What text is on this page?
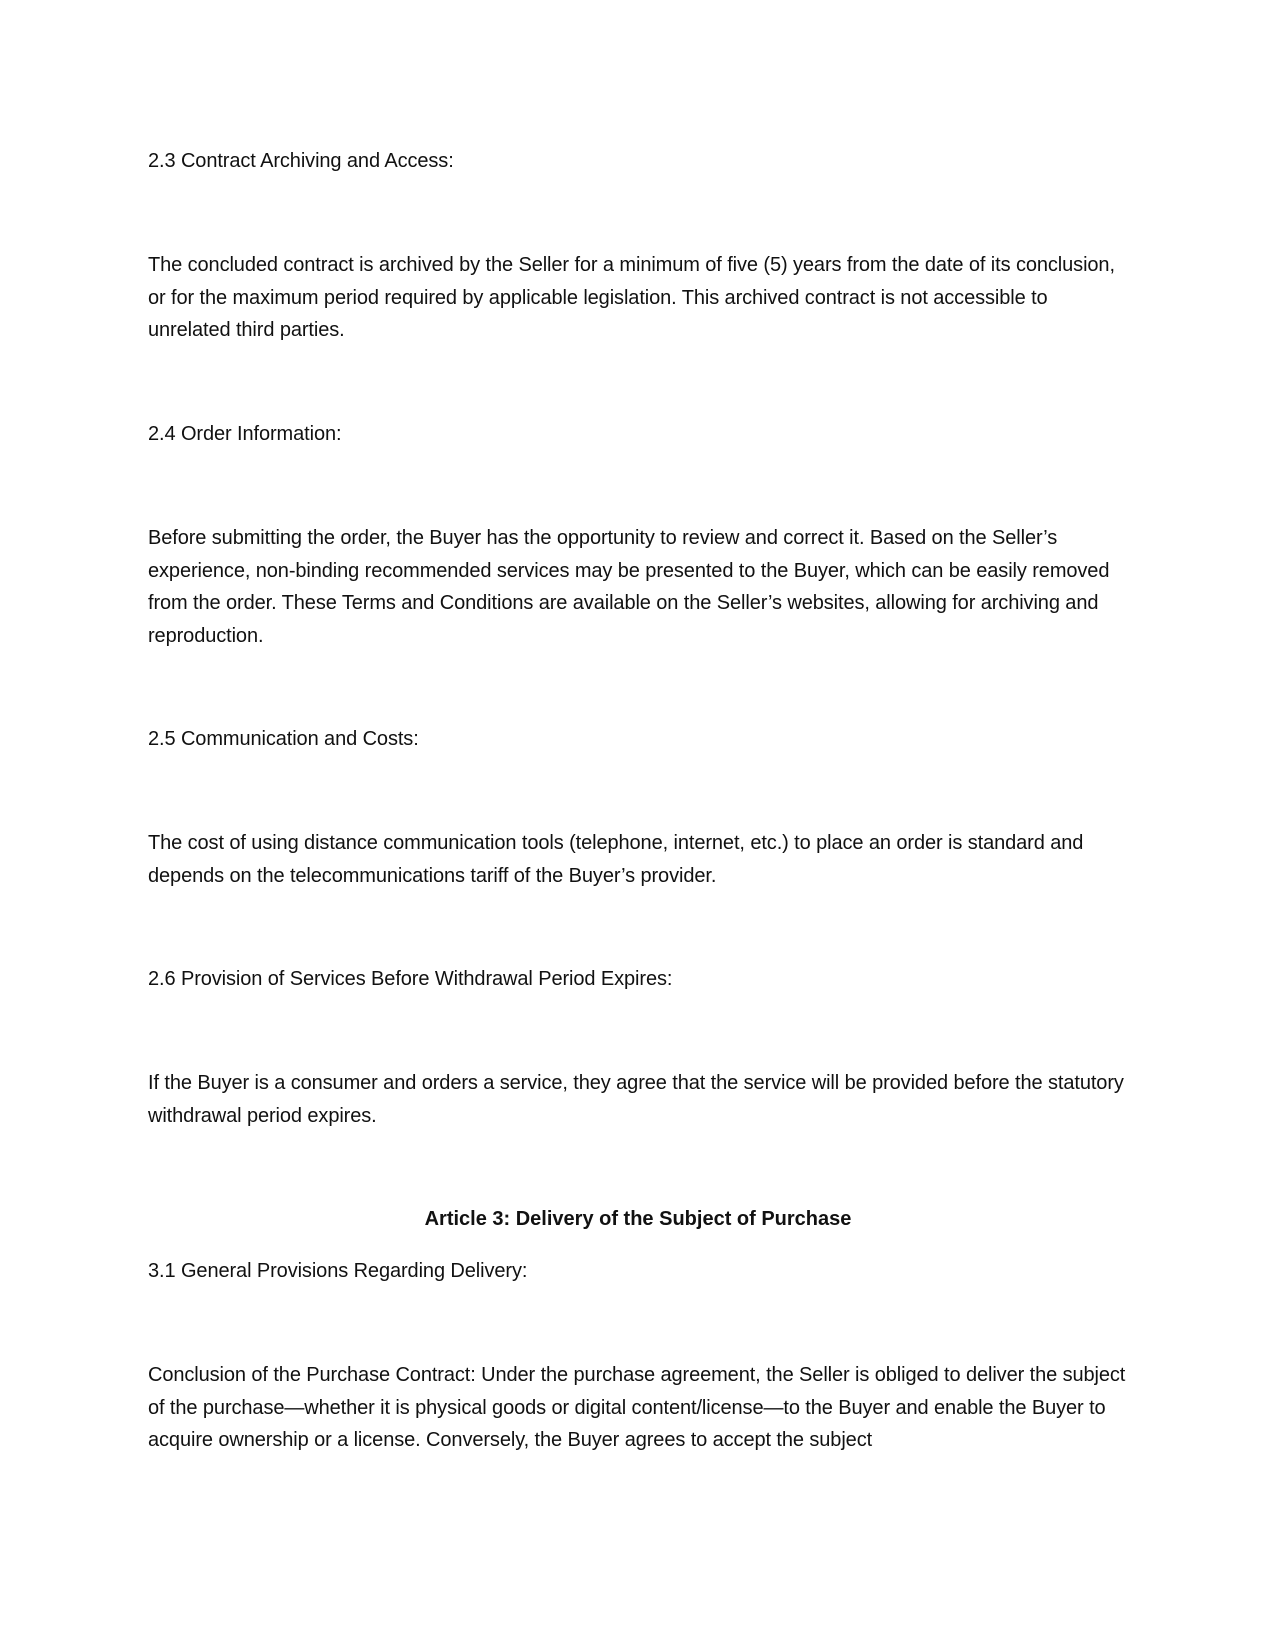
2.3 Contract Archiving and Access:

The concluded contract is archived by the Seller for a minimum of five (5) years from the date of its conclusion, or for the maximum period required by applicable legislation. This archived contract is not accessible to unrelated third parties.

2.4 Order Information:

Before submitting the order, the Buyer has the opportunity to review and correct it. Based on the Seller’s experience, non-binding recommended services may be presented to the Buyer, which can be easily removed from the order. These Terms and Conditions are available on the Seller’s websites, allowing for archiving and reproduction.

2.5 Communication and Costs:

The cost of using distance communication tools (telephone, internet, etc.) to place an order is standard and depends on the telecommunications tariff of the Buyer’s provider.

2.6 Provision of Services Before Withdrawal Period Expires:

If the Buyer is a consumer and orders a service, they agree that the service will be provided before the statutory withdrawal period expires.

Article 3: Delivery of the Subject of Purchase

3.1 General Provisions Regarding Delivery:

Conclusion of the Purchase Contract: Under the purchase agreement, the Seller is obliged to deliver the subject of the purchase—whether it is physical goods or digital content/license—to the Buyer and enable the Buyer to acquire ownership or a license. Conversely, the Buyer agrees to accept the subject
